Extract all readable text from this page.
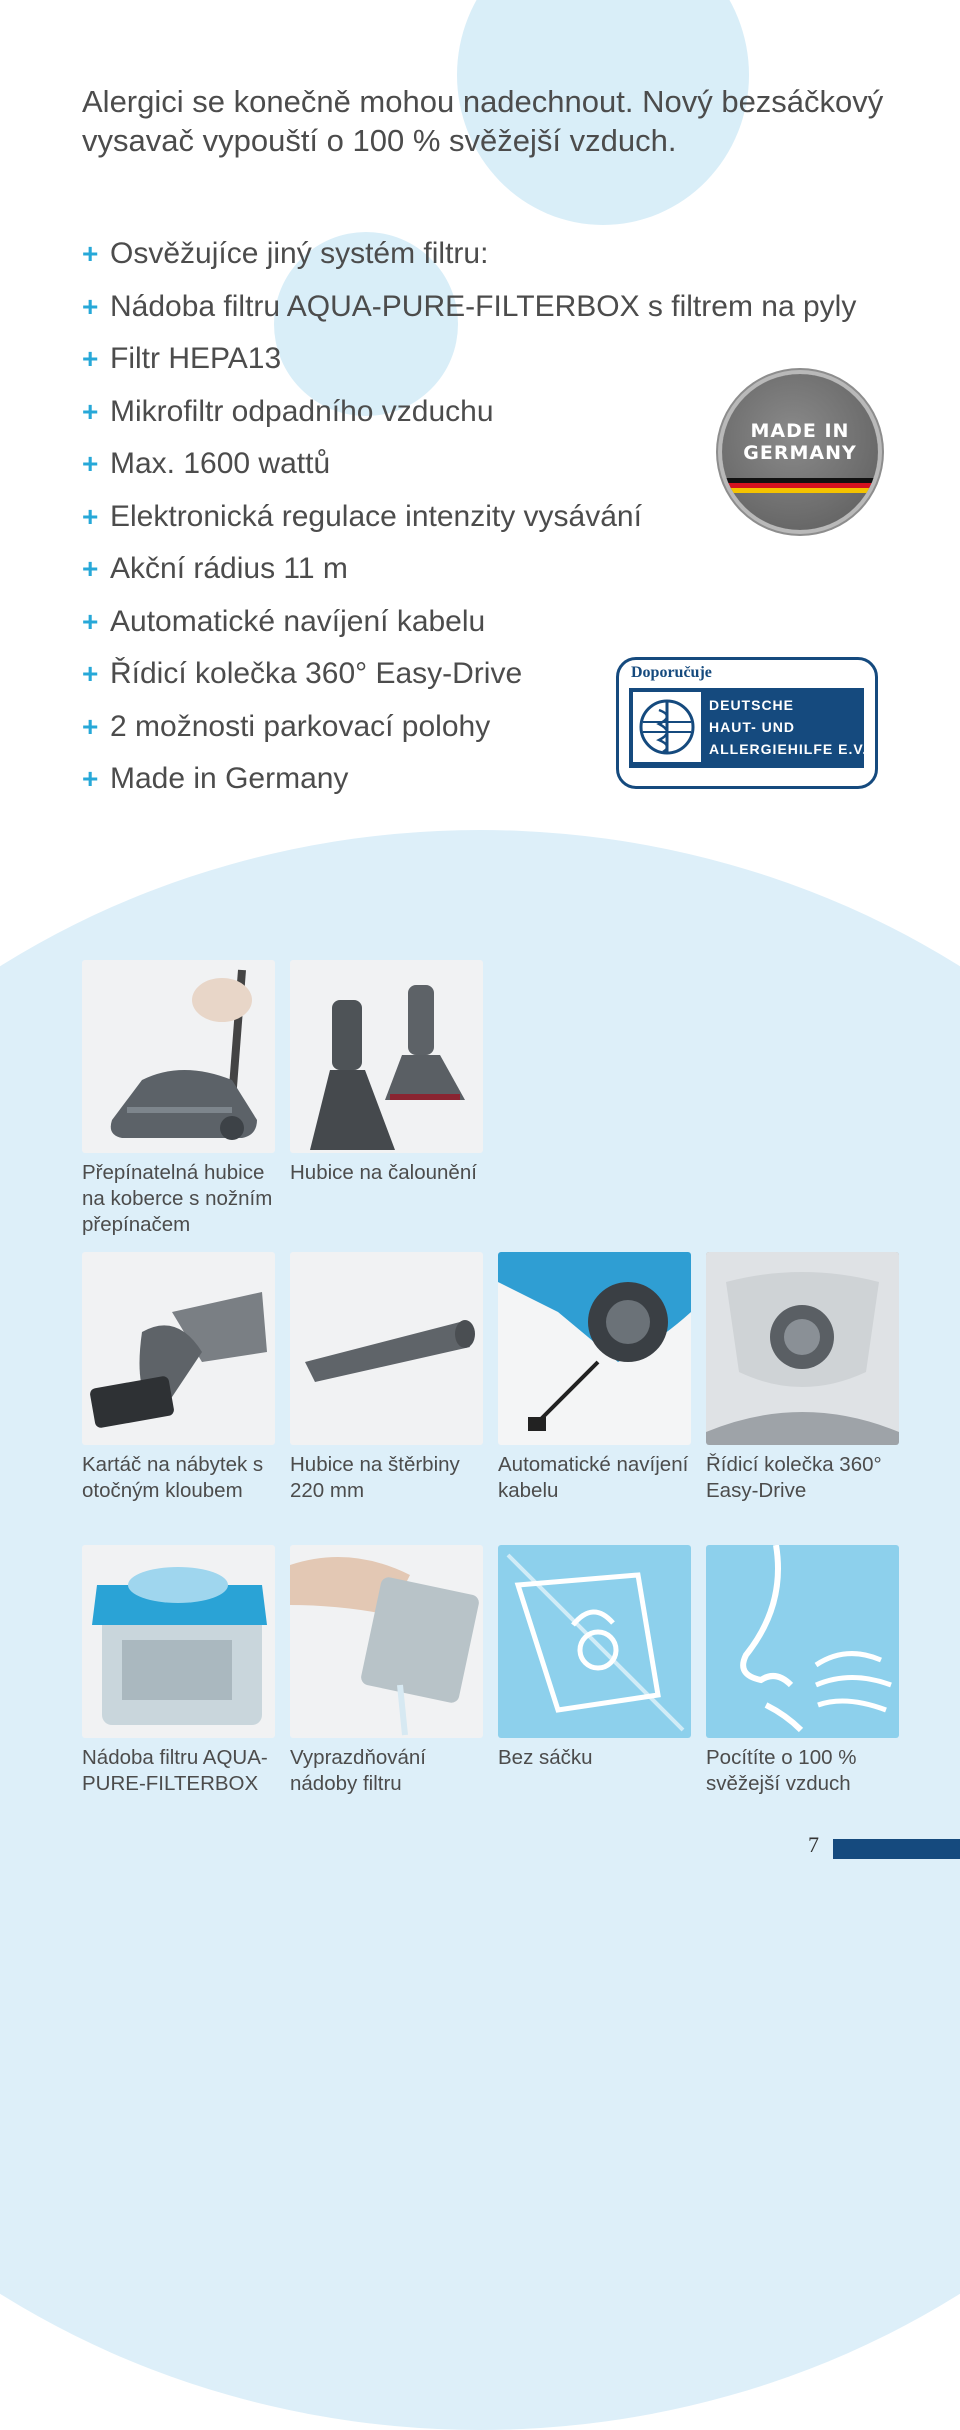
Alergici se konečně mohou nadechnout. Nový bezsáčkový vysavač vypouští o 100 % svěžejší vzduch.
+ Osvěžujíce jiný systém filtru:
+ Nádoba filtru AQUA-PURE-FILTERBOX s filtrem na pyly
+ Filtr HEPA13
+ Mikrofiltr odpadního vzduchu
+ Max. 1600 wattů
+ Elektronická regulace intenzity vysávání
+ Akční rádius 11 m
+ Automatické navíjení kabelu
+ Řídicí kolečka 360° Easy-Drive
+ 2 možnosti parkovací polohy
+ Made in Germany
MADE IN
GERMANY
Doporučuje
DEUTSCHE
HAUT- UND
ALLERGIEHILFE E.V.
Přepínatelná hubice na koberce s nožním přepínačem
Hubice na čalounění
Kartáč na nábytek s otočným kloubem
Hubice na štěrbiny 220 mm
Automatické navíjení kabelu
Řídicí kolečka 360° Easy-Drive
Nádoba filtru AQUA-PURE-FILTERBOX
Vyprazdňování nádoby filtru
Bez sáčku	Pocítíte o 100 % svěžejší vzduch
7
